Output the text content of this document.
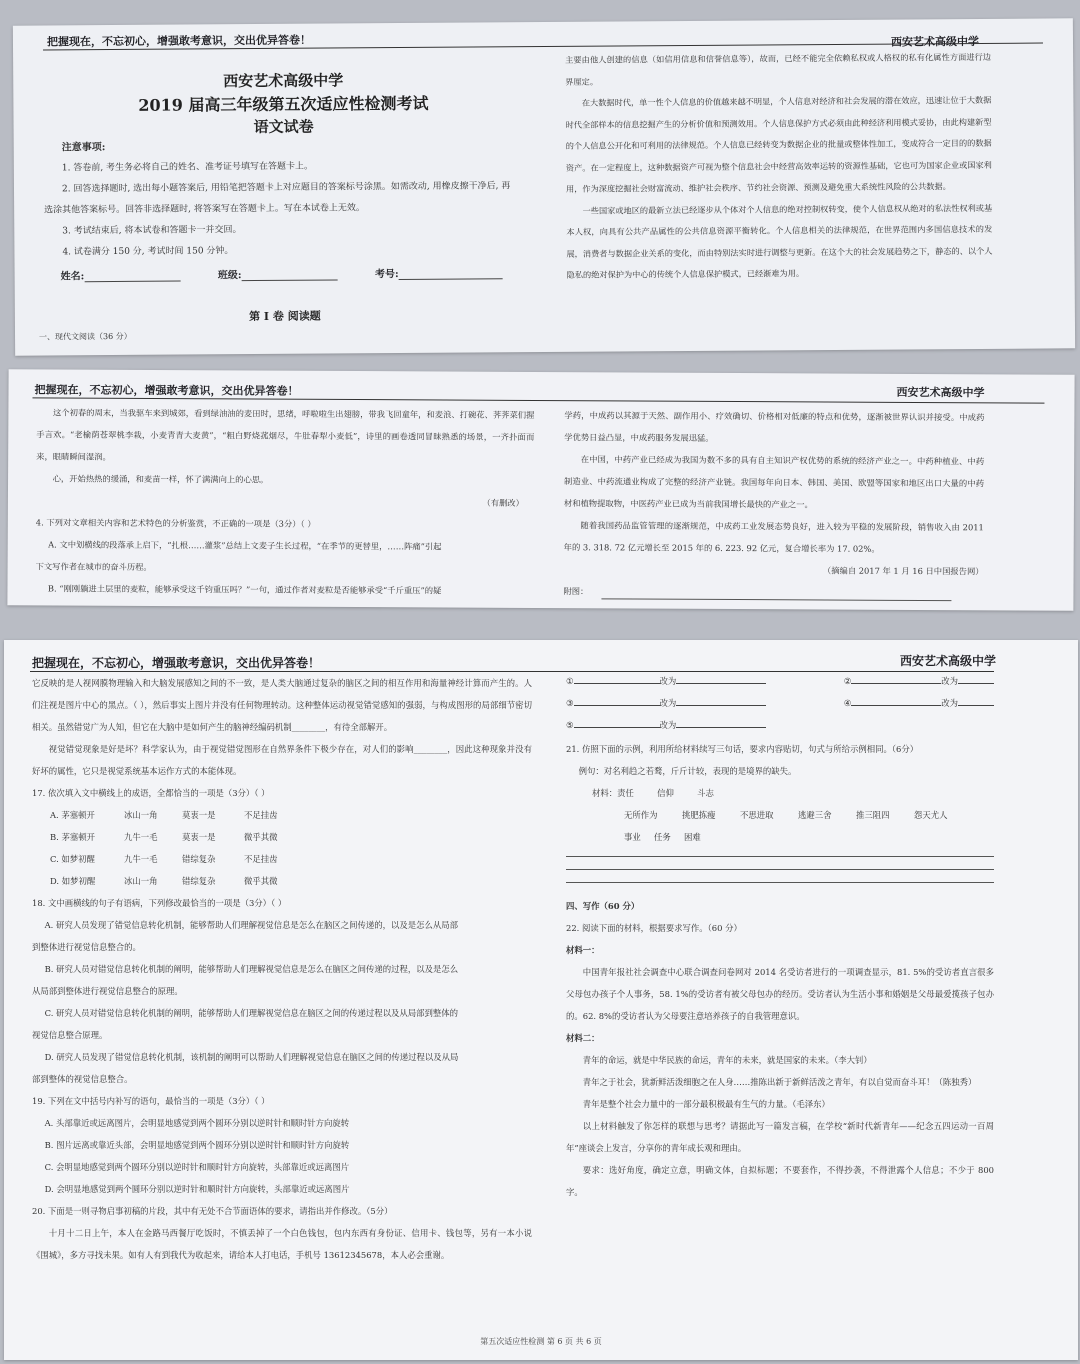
把握现在，不忘初心，增强敢考意识，交出优异答卷！	西安艺术高级中学
西安艺术高级中学
2019 届高三年级第五次适应性检测考试
语文试卷

注意事项:

1. 答卷前, 考生务必将自己的姓名、准考证号填写在答题卡上。

2. 回答选择题时, 选出每小题答案后, 用铅笔把答题卡上对应题目的答案标号涂黑。如需改动, 用橡皮擦干净后, 再

选涂其他答案标号。回答非选择题时, 将答案写在答题卡上。写在本试卷上无效。

3. 考试结束后, 将本试卷和答题卡一并交回。

4. 试卷满分 150 分, 考试时间 150 分钟。

姓名:	班级:	考号:
第 I 卷 阅读题
一、现代文阅读（36 分）

主要由他人创建的信息（如信用信息和信誉信息等），故而，已经不能完全依赖私权或人格权的私有化属性方面进行边界厘定。

在大数据时代，单一性个人信息的价值越来越不明显，个人信息对经济和社会发展的潜在效应，迅速让位于大数据时代全部样本的信息挖掘产生的分析价值和预测效用。个人信息保护方式必须由此种经济利用模式妥协，由此构建新型的个人信息公开化和可利用的法律规范。个人信息已经转变为数据企业的批量或整体性加工，变成符合一定目的的数据资产。在一定程度上，这种数据资产可视为整个信息社会中经营高效率运转的资源性基础，它也可为国家企业或国家利用，作为深度挖掘社会财富流动、维护社会秩序、节约社会资源、预测及避免重大系统性风险的公共数据。

一些国家或地区的最新立法已经逐步从个体对个人信息的绝对控制权转变，使个人信息权从绝对的私法性权利或基本人权，向具有公共产品属性的公共信息资源平衡转化。个人信息相关的法律规范，在世界范围内多国信息技术的发展，消费者与数据企业关系的变化，而由特别法实时进行调整与更新。在这个大的社会发展趋势之下，静态的、以个人隐私的绝对保护为中心的传统个人信息保护模式，已经渐难为用。

把握现在，不忘初心，增强敢考意识，交出优异答卷！	西安艺术高级中学

这个初春的周末，当我驱车来到城郊，看到绿油油的麦田时，思绪，呼啦啦生出翅膀，带我飞回童年，和麦浪、打碗花、荠荠菜们握手言欢。“老榆荫苍翠桃李栽，小麦青青大麦黄”，“粗白野烧菰烟尽，牛肚春犁小麦低”，诗里的画卷透同冒昧熟悉的场景，一齐扑面而来，眼睛瞬间湿润。

心，开始热热的缓涌，和麦苗一样，怀了满满向上的心思。

（有删改）

4. 下列对文章相关内容和艺术特色的分析鉴赏，不正确的一项是（3分）（ ）

A. 文中划横线的段落承上启下，“扎根……灌浆”总结上文麦子生长过程，“在季节的更替里，……阵痛”引起

下文写作者在城市的奋斗历程。

B. “刚刚躺进土层里的麦粒，能够承受这千钧重压吗？”一句，通过作者对麦粒是否能够承受“千斤重压”的疑

学药，中成药以其源于天然、副作用小、疗效确切、价格相对低廉的特点和优势，逐渐被世界认识并接受。中成药学优势日益凸显，中成药服务发展迅猛。

在中国，中药产业已经成为我国为数不多的具有自主知识产权优势的系统的经济产业之一。中药种植业、中药制造业、中药流通业构成了完整的经济产业链。我国每年向日本、韩国、美国、欧盟等国家和地区出口大量的中药材和植物提取物，中医药产业已成为当前我国增长最快的产业之一。

随着我国药品监管管理的逐渐规范，中成药工业发展态势良好，进入较为平稳的发展阶段，销售收入由 2011 年的 3. 318. 72 亿元增长至 2015 年的 6. 223. 92 亿元，复合增长率为 17. 02%。

（摘编自 2017 年 1 月 16 日中国报告网）

附图：

把握现在，不忘初心，增强敢考意识，交出优异答卷！	西安艺术高级中学

它反映的是人视网膜物理输入和大脑发展感知之间的不一致，是人类大脑通过复杂的脑区之间的相互作用和海量神经计算而产生的。人们注视是图片中心的黑点。（ ），然后事实上图片并没有任何物理转动。这种整体运动视觉错觉感知的强弱，与构成图形的局部细节密切相关。虽然错觉广为人知，但它在大脑中是如何产生的脑神经编码机制________，有待全部解开。

视觉错觉现象是好是坏？科学家认为，由于视觉错觉图形在自然界条件下极少存在，对人们的影响________，因此这种现象并没有好坏的属性，它只是视觉系统基本运作方式的本能体现。

17. 依次填入文中横线上的成语，全都恰当的一项是（3分）（ ）

A. 茅塞顿开	冰山一角	莫衷一是	不足挂齿
B. 茅塞顿开	九牛一毛	莫衷一是	微乎其微
C. 如梦初醒	九牛一毛	错综复杂	不足挂齿
D. 如梦初醒	冰山一角	错综复杂	微乎其微

18. 文中画横线的句子有语病，下列修改最恰当的一项是（3分）（ ）

A. 研究人员发现了错觉信息转化机制，能够帮助人们理解视觉信息是怎么在脑区之间传递的，以及是怎么从局部

到整体进行视觉信息整合的。

B. 研究人员对错觉信息转化机制的阐明，能够帮助人们理解视觉信息是怎么在脑区之间传递的过程，以及是怎么

从局部到整体进行视觉信息整合的原理。

C. 研究人员对错觉信息转化机制的阐明，能够帮助人们理解视觉信息在脑区之间的传递过程以及从局部到整体的

视觉信息整合原理。

D. 研究人员发现了错觉信息转化机制，该机制的阐明可以帮助人们理解视觉信息在脑区之间的传递过程以及从局

部到整体的视觉信息整合。

19. 下列在文中括号内补写的语句，最恰当的一项是（3分）（ ）

A. 头部靠近或远离图片，会明显地感觉到两个圆环分别以逆时针和顺时针方向旋转

B. 图片远离或靠近头部，会明显地感觉到两个圆环分别以逆时针和顺时针方向旋转

C. 会明显地感觉到两个圆环分别以逆时针和顺时针方向旋转，头部靠近或远离图片

D. 会明显地感觉到两个圆环分别以逆时针和顺时针方向旋转，头部靠近或远离图片

20. 下面是一则寻物启事初稿的片段，其中有无处不合节面语体的要求，请指出并作修改。（5分）

十月十二日上午，本人在金路马西餐厅吃饭时，不慎丢掉了一个白色钱包，包内东西有身份证、信用卡、钱包等，另有一本小说《围城》，多方寻找未果。如有人有到我代为收起来，请给本人打电话，手机号 13612345678，本人必会重谢。

①	改为	②	改为
③	改为	④	改为
⑤	改为

21. 仿照下面的示例，利用所给材料续写三句话，要求内容贴切，句式与所给示例相同。（6分）

例句：对名利趋之若鹜，斤斤计较，表现的是境界的缺失。

材料： 责任	信仰	斗志
无所作为	挑肥拣瘦	不思进取	逃避三舍	推三阻四	怨天尤人
事业	任务	困难

四、写作（60 分）

22. 阅读下面的材料，根据要求写作。（60 分）

材料一：

中国青年报社社会调查中心联合调查问卷网对 2014 名受访者进行的一项调查显示，81. 5%的受访者直言很多父母包办孩子个人事务，58. 1%的受访者有被父母包办的经历。受访者认为生活小事和婚姻是父母最爱揽孩子包办的。62. 8%的受访者认为父母要注意培养孩子的自我管理意识。

材料二：

青年的命运，就是中华民族的命运，青年的未来，就是国家的未来。（李大钊）

青年之于社会，犹新鲜活泼细胞之在人身……推陈出新于新鲜活泼之青年，有以自觉而奋斗耳！（陈独秀）

青年是整个社会力量中的一部分最积极最有生气的力量。（毛泽东）

以上材料触发了你怎样的联想与思考？请据此写一篇发言稿，在学校“新时代新青年——纪念五四运动一百周年”座谈会上发言，分享你的青年成长观和理由。

要求：选好角度，确定立意，明确文体，自拟标题；不要套作，不得抄袭，不得泄露个人信息；不少于 800 字。

第五次适应性检测 第 6 页 共 6 页
